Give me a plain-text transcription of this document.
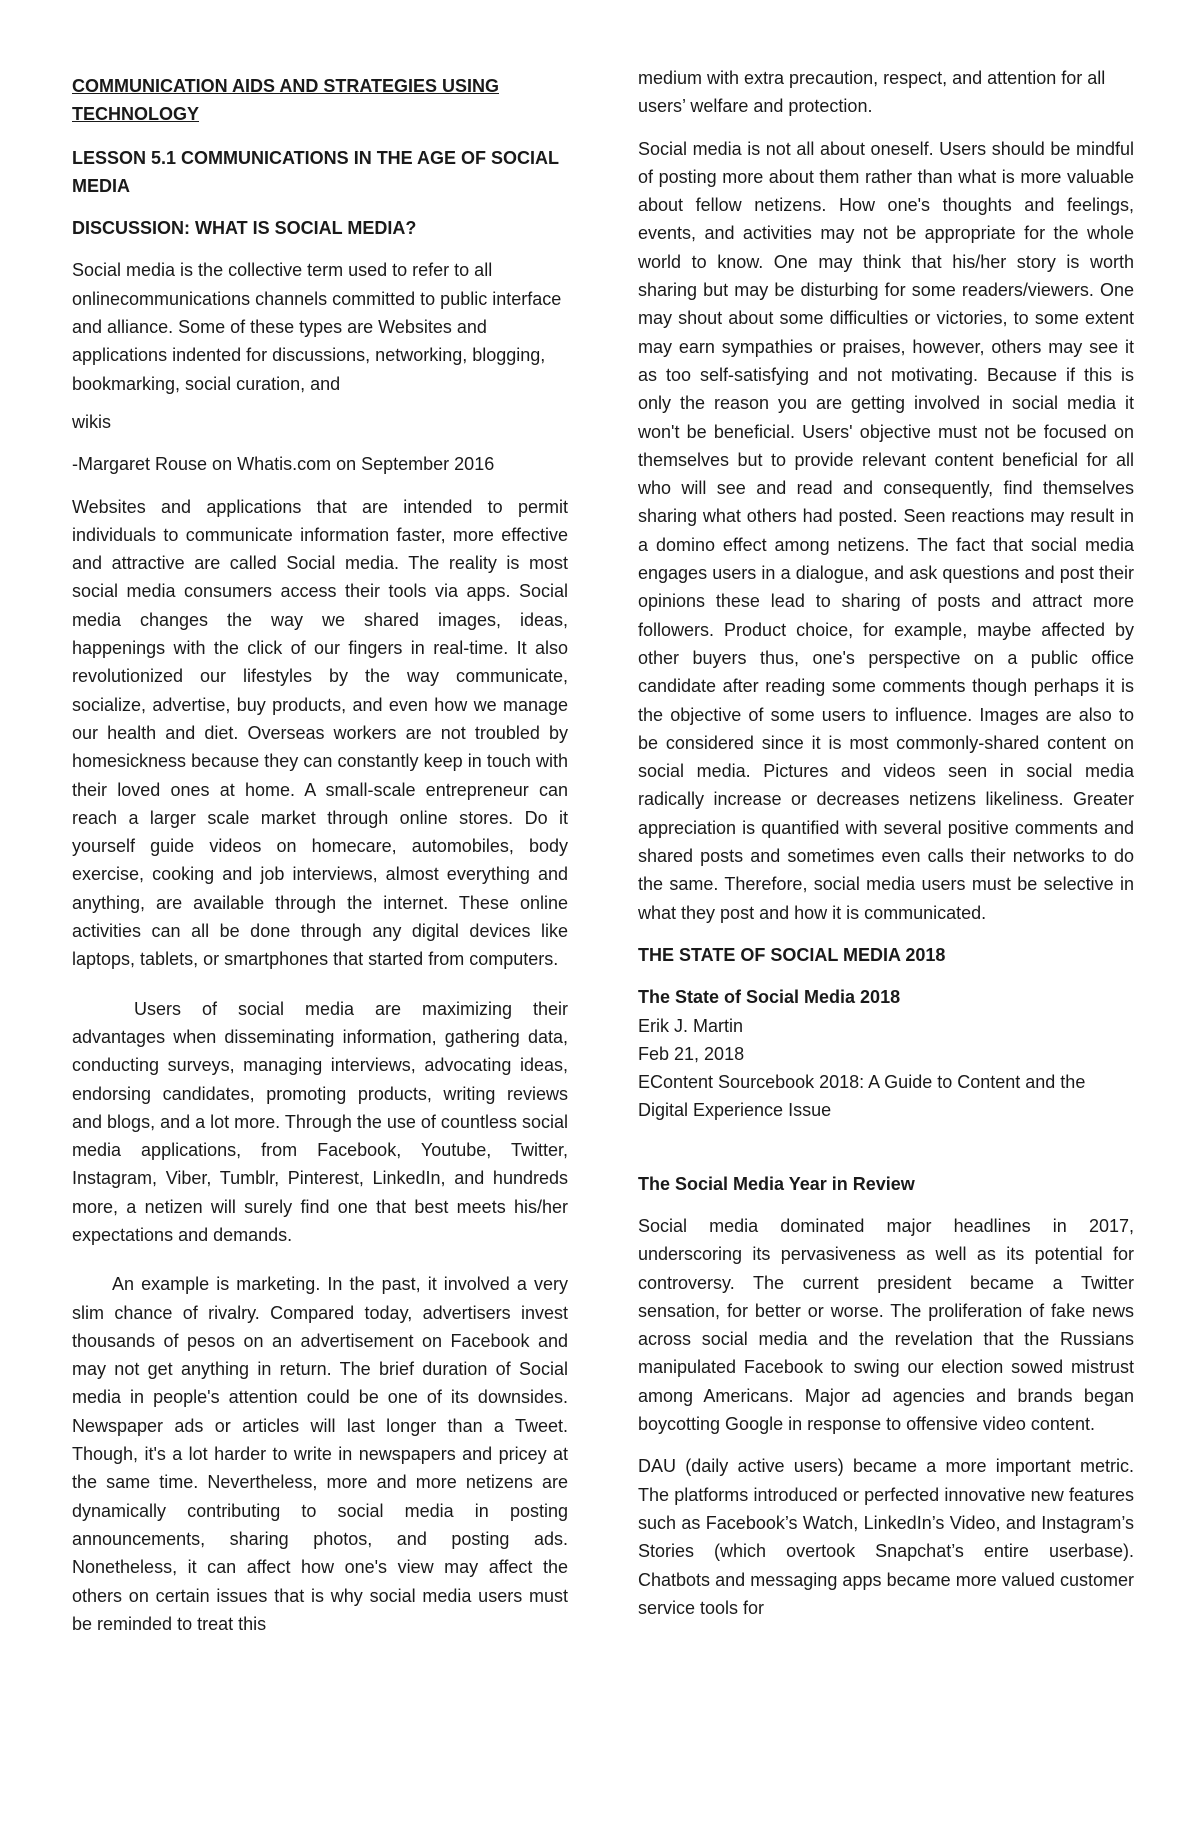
COMMUNICATION AIDS AND STRATEGIES USING TECHNOLOGY

LESSON 5.1 COMMUNICATIONS IN THE AGE OF SOCIAL MEDIA

DISCUSSION: WHAT IS SOCIAL MEDIA?

Social media is the collective term used to refer to all onlinecommunications channels committed to public interface and alliance. Some of these types are Websites and applications indented for discussions, networking, blogging, bookmarking, social curation, and

wikis

-Margaret Rouse on Whatis.com on September 2016

Websites and applications that are intended to permit individuals to communicate information faster, more effective and attractive are called Social media. The reality is most social media consumers access their tools via apps. Social media changes the way we shared images, ideas, happenings with the click of our fingers in real-time. It also revolutionized our lifestyles by the way communicate, socialize, advertise, buy products, and even how we manage our health and diet. Overseas workers are not troubled by homesickness because they can constantly keep in touch with their loved ones at home. A small-scale entrepreneur can reach a larger scale market through online stores. Do it yourself guide videos on homecare, automobiles, body exercise, cooking and job interviews, almost everything and anything, are available through the internet. These online activities can all be done through any digital devices like laptops, tablets, or smartphones that started from computers.

Users of social media are maximizing their advantages when disseminating information, gathering data, conducting surveys, managing interviews, advocating ideas, endorsing candidates, promoting products, writing reviews and blogs, and a lot more. Through the use of countless social media applications, from Facebook, Youtube, Twitter, Instagram, Viber, Tumblr, Pinterest, LinkedIn, and hundreds more, a netizen will surely find one that best meets his/her expectations and demands.

An example is marketing. In the past, it involved a very slim chance of rivalry. Compared today, advertisers invest thousands of pesos on an advertisement on Facebook and may not get anything in return. The brief duration of Social media in people's attention could be one of its downsides. Newspaper ads or articles will last longer than a Tweet. Though, it's a lot harder to write in newspapers and pricey at the same time. Nevertheless, more and more netizens are dynamically contributing to social media in posting announcements, sharing photos, and posting ads. Nonetheless, it can affect how one's view may affect the others on certain issues that is why social media users must be reminded to treat this

medium with extra precaution, respect, and attention for all users’ welfare and protection.

Social media is not all about oneself. Users should be mindful of posting more about them rather than what is more valuable about fellow netizens. How one's thoughts and feelings, events, and activities may not be appropriate for the whole world to know. One may think that his/her story is worth sharing but may be disturbing for some readers/viewers. One may shout about some difficulties or victories, to some extent may earn sympathies or praises, however, others may see it as too self-satisfying and not motivating. Because if this is only the reason you are getting involved in social media it won't be beneficial. Users' objective must not be focused on themselves but to provide relevant content beneficial for all who will see and read and consequently, find themselves sharing what others had posted. Seen reactions may result in a domino effect among netizens. The fact that social media engages users in a dialogue, and ask questions and post their opinions these lead to sharing of posts and attract more followers. Product choice, for example, maybe affected by other buyers thus, one's perspective on a public office candidate after reading some comments though perhaps it is the objective of some users to influence. Images are also to be considered since it is most commonly-shared content on social media. Pictures and videos seen in social media radically increase or decreases netizens likeliness. Greater appreciation is quantified with several positive comments and shared posts and sometimes even calls their networks to do the same. Therefore, social media users must be selective in what they post and how it is communicated.

THE STATE OF SOCIAL MEDIA 2018

The State of Social Media 2018

Erik J. Martin

Feb 21, 2018

EContent Sourcebook 2018: A Guide to Content and the Digital Experience Issue

The Social Media Year in Review

Social media dominated major headlines in 2017, underscoring its pervasiveness as well as its potential for controversy. The current president became a Twitter sensation, for better or worse. The proliferation of fake news across social media and the revelation that the Russians manipulated Facebook to swing our election sowed mistrust among Americans. Major ad agencies and brands began boycotting Google in response to offensive video content.

DAU (daily active users) became a more important metric. The platforms introduced or perfected innovative new features such as Facebook’s Watch, LinkedIn’s Video, and Instagram’s Stories (which overtook Snapchat’s entire userbase). Chatbots and messaging apps became more valued customer service tools for
